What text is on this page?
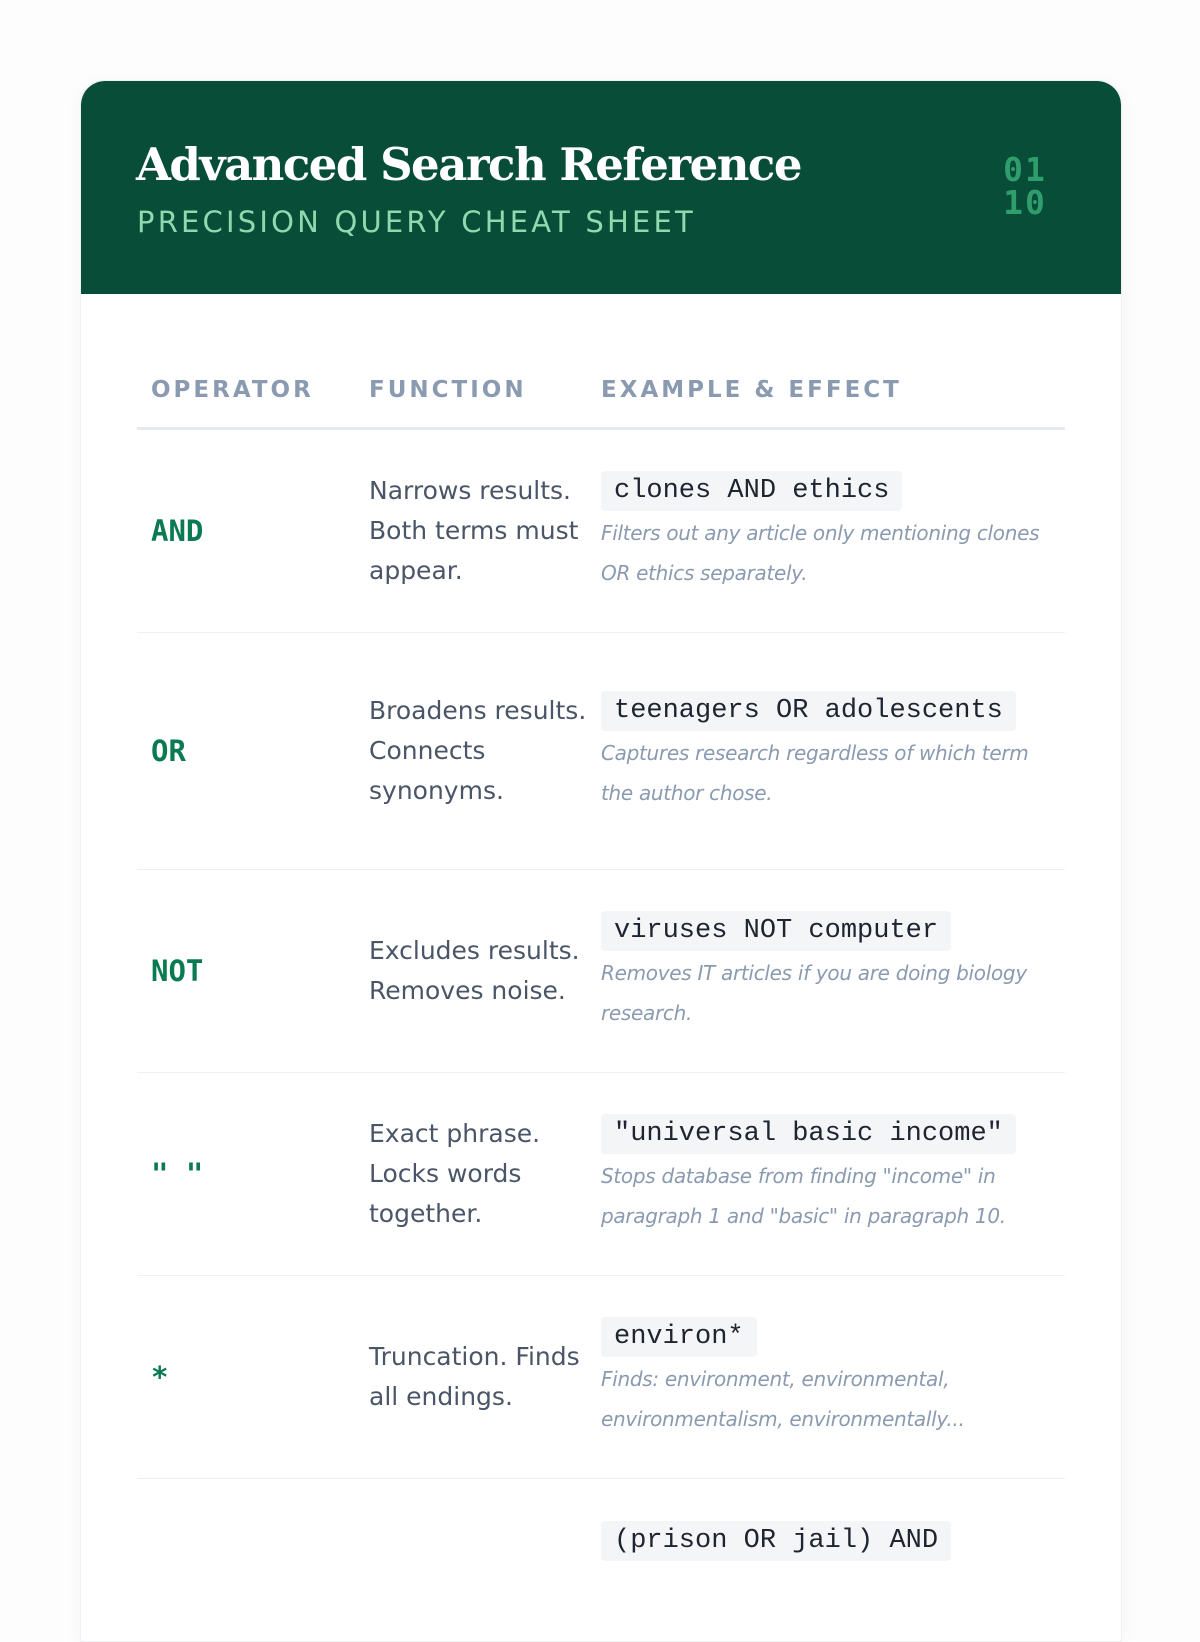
Advanced Search Reference
PRECISION QUERY CHEAT SHEET
01
10
OPERATOR	FUNCTION	EXAMPLE & EFFECT
AND
Narrows results. Both terms must appear.
clones AND ethics
Filters out any article only mentioning clones OR ethics separately.
OR
Broadens results. Connects synonyms.
teenagers OR adolescents
Captures research regardless of which term the author chose.
NOT
Excludes results. Removes noise.
viruses NOT computer
Removes IT articles if you are doing biology research.
" "
Exact phrase. Locks words together.
"universal basic income"
Stops database from finding "income" in paragraph 1 and "basic" in paragraph 10.
*
Truncation. Finds all endings.
environ*
Finds: environment, environmental, environmentalism, environmentally...
(prison OR jail) AND
